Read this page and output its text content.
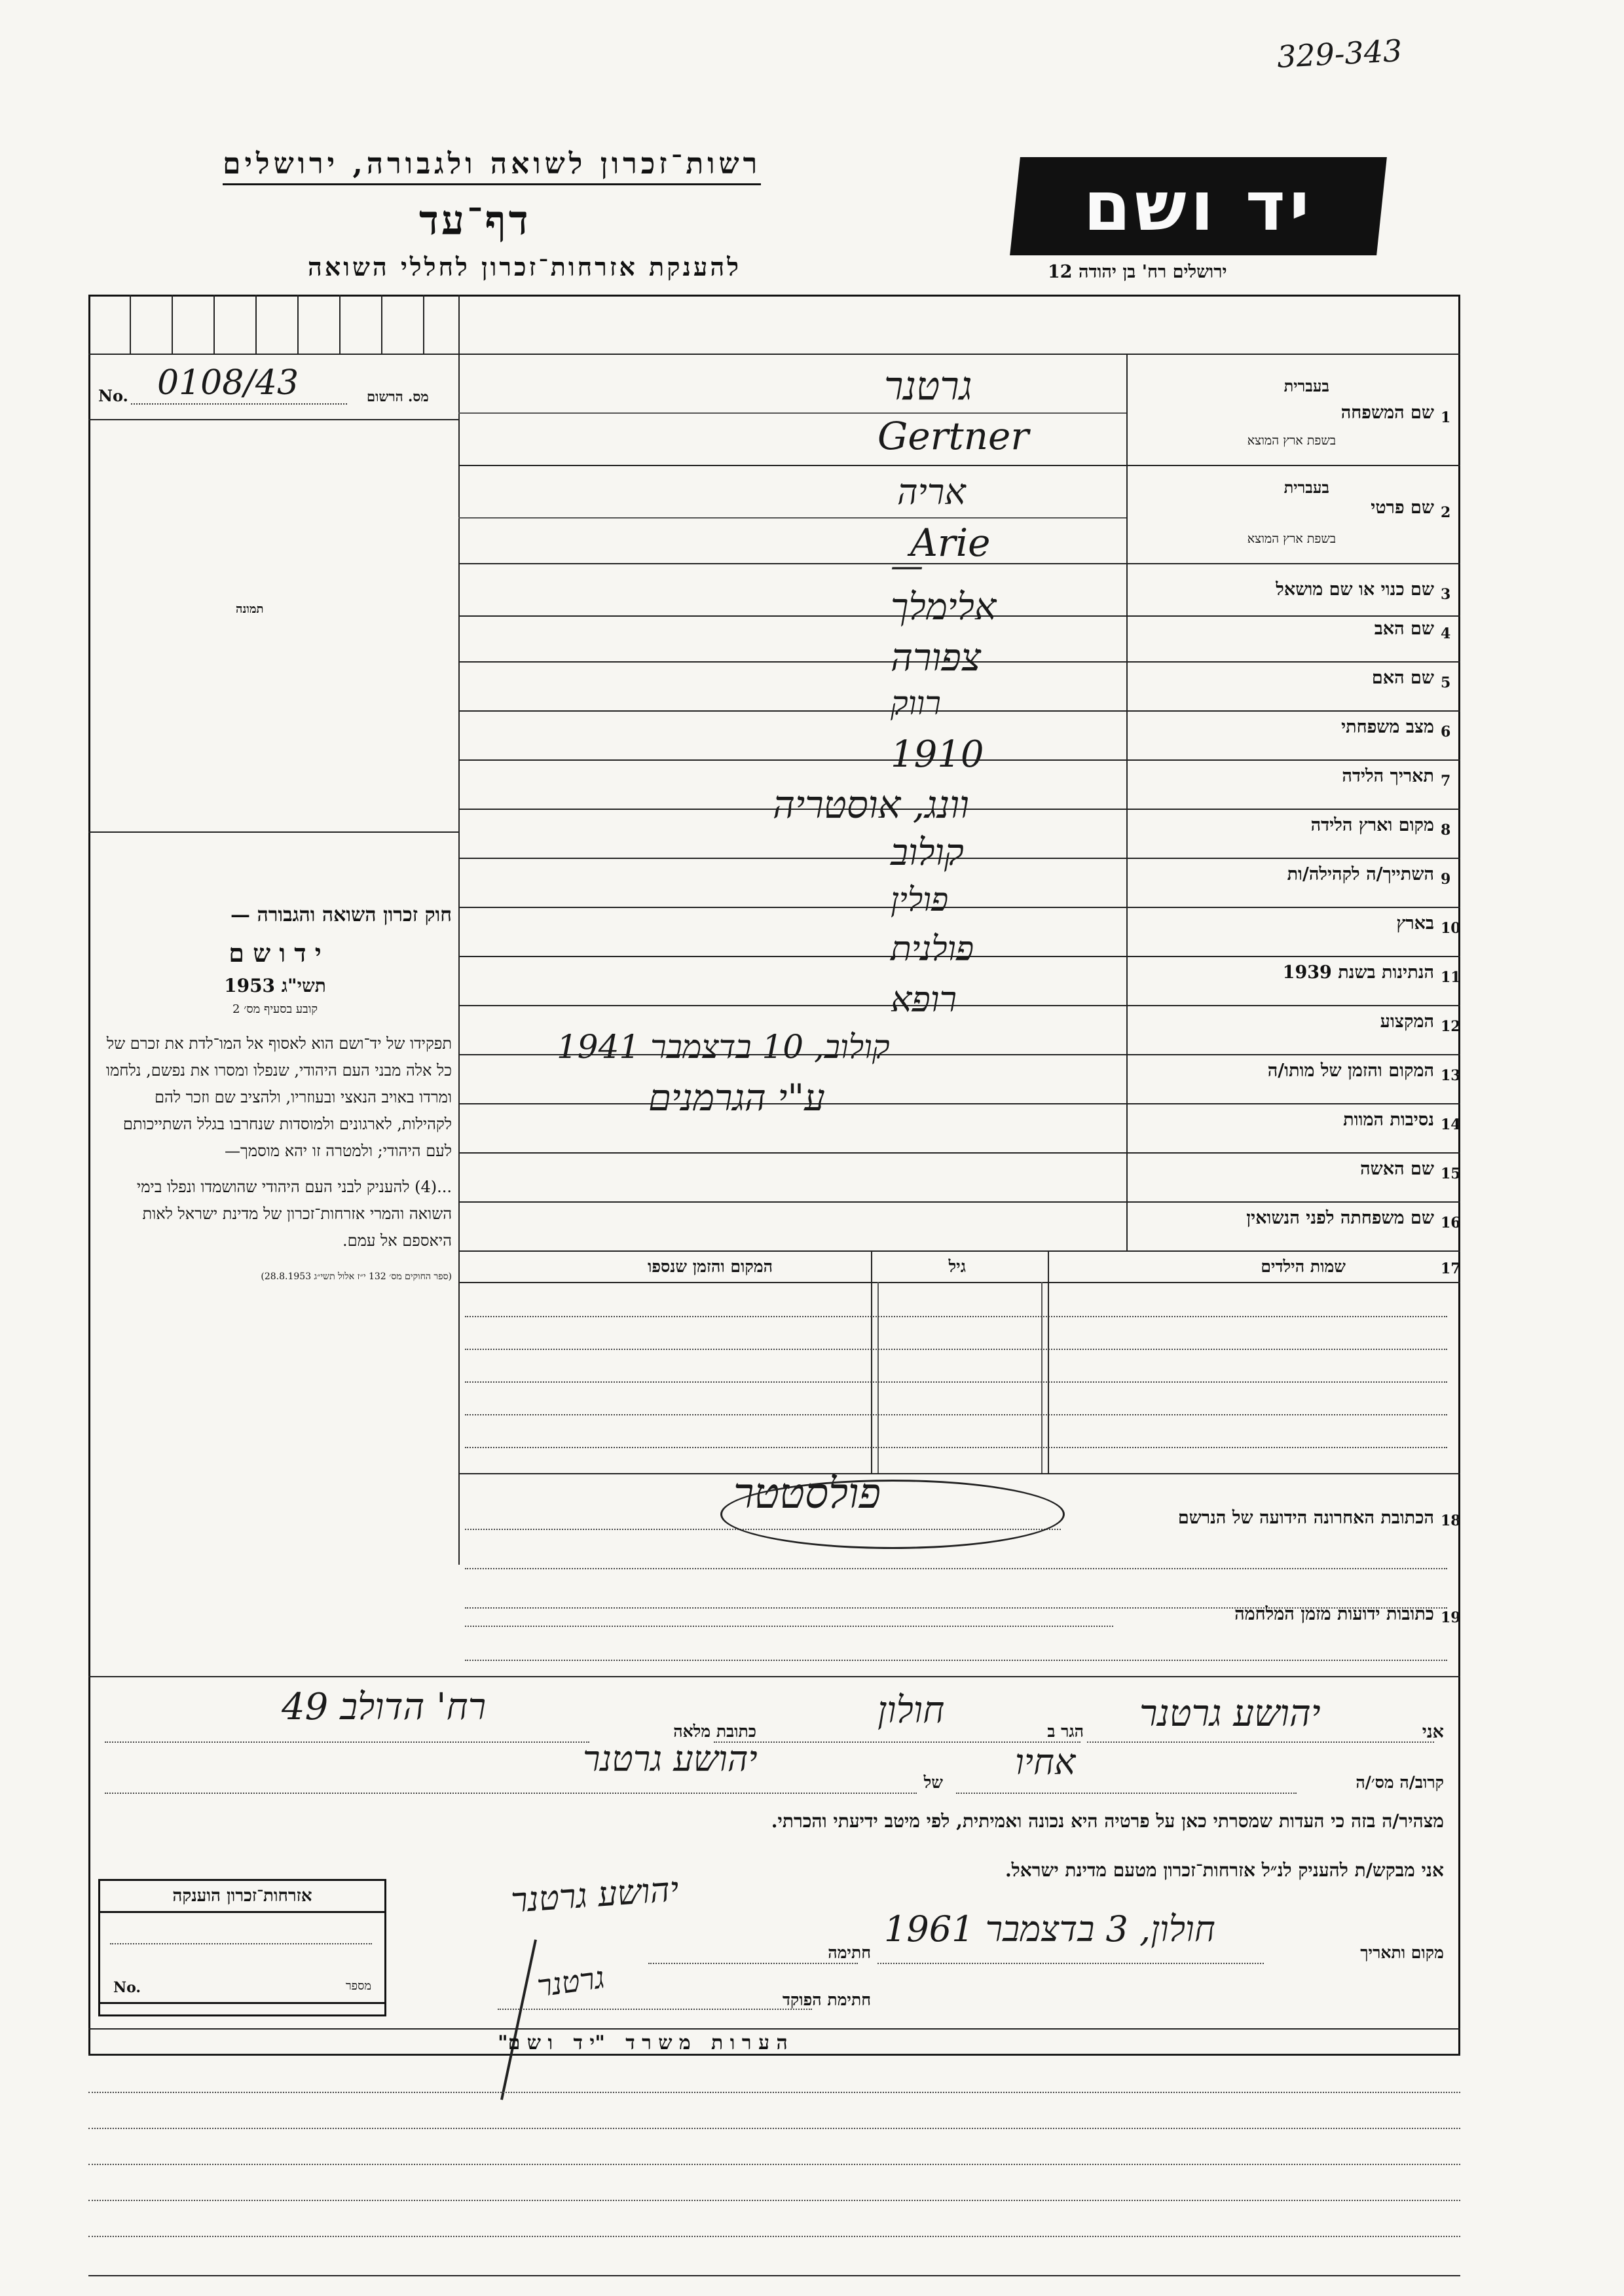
329-343
רשות־זכרון לשואה ולגבורה, ירושלים
דף־עד
להענקת אזרחות־זכרון לחללי השואה
יד ושם
ירושלים רח' בן יהודה 12
No. 0108/43	מס. הרשום
תמונה

חוק זכרון השואה והגבורה —

י ד ו ש ם

תשי"ג 1953

קובע בסעיף מס׳ 2

תפקידו של יד־ושם הוא לאסוף אל המו־לדת את זכרם של כל אלה מבני העם היהודי, שנפלו ומסרו את נפשם, נלחמו ומרדו באויב הנאצי ובעוזריו, ולהציב שם וזכר להם לקהילות, לארגונים ולמוסדות שנחרבו בגלל השתייכותם לעם היהודי; ולמטרה זו יהא מוסמך—

...(4) להעניק לבני העם היהודי שהושמדו ונפלו בימי השואה והמרי אזרחות־זכרון של מדינת ישראל לאות היאספם אל עמם.

(ספר החוקים מס׳ 132 י״ז אלול תשי״ג 28.8.1953)

1
שם המשפחה
בעברית
בשפת ארץ המוצא
גרטנר
Gertner
2
שם פרטי
בעברית
בשפת ארץ המוצא
אריה
Arie
3
שם כנוי או שם מושאל
—
4
שם האב
אלימלך
5
שם האם
צפורה
6
מצב משפחתי
רווק
7
תאריך הלידה
1910
8
מקום וארץ הלידה
וונג, אוסטריה
9
השתייך/ה לקהילה/ות
קולוב
10
בארץ
פולין
11
הנתינות בשנת 1939
פולנית
12
המקצוע
רופא
13
המקום והזמן של מותו/ה
קולוב, 10 בדצמבר 1941
14
נסיבות המוות
ע"י הגרמנים
15
שם האשה
16
שם משפחתה לפני הנשואין
17
שמות הילדים
גיל
המקום והזמן שנספו
18
הכתובת האחרונה הידועה של הנרשם
פולסטטר
19
כתובות ידועות מזמן המלחמה
אני
יהושע גרטנר
הגר ב
חולון
כתובת מלאה
רח' הדולב 49
קרוב/ה מס׳/ה
אחיו
של
יהושע גרטנר
מצהיר/ה בזה כי העדות שמסרתי כאן על פרטיה היא נכונה ואמיתית, לפי מיטב ידיעתי והכרתי.
אני מבקש/ת להעניק לנ״ל אזרחות־זכרון מטעם מדינת ישראל.
מקום ותאריך
חולון, 3 בדצמבר 1961
חתימה
יהושע גרטנר
חתימת הפוקד
גרטנר
אזרחות־זכרון הוענקה
No.	מספר
ה ע ר ו ת   מ ש ר ד   "י ד   ו ש ם"
